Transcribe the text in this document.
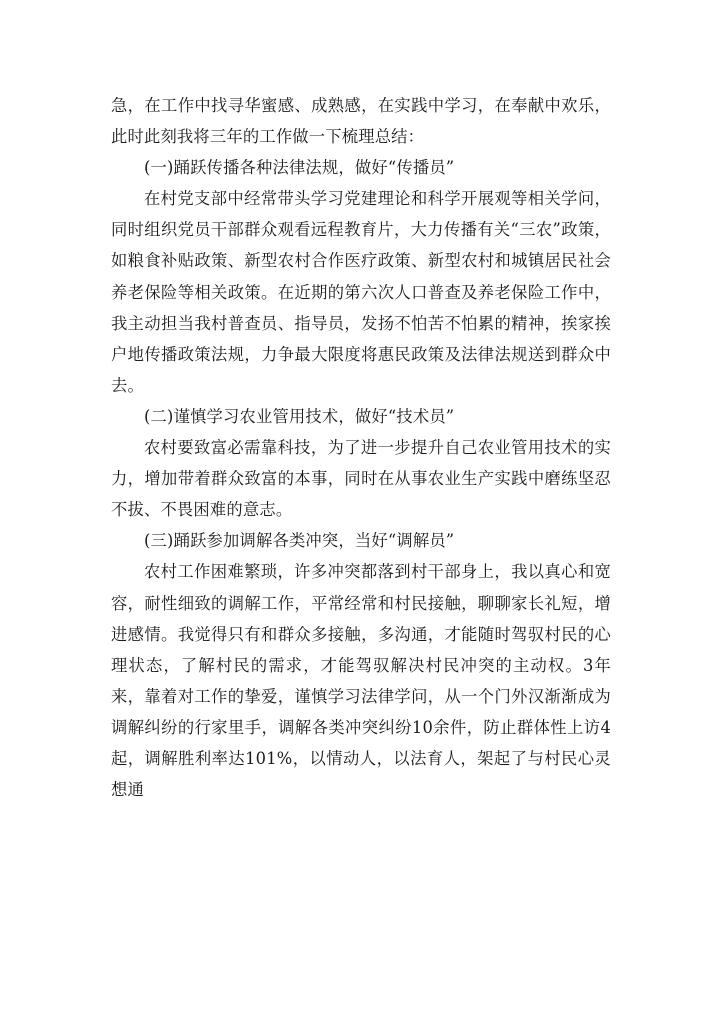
急，在工作中找寻华蜜感、成熟感，在实践中学习，在奉献中欢乐，此时此刻我将三年的工作做一下梳理总结：

(一)踊跃传播各种法律法规，做好“传播员”

在村党支部中经常带头学习党建理论和科学开展观等相关学问，同时组织党员干部群众观看远程教育片，大力传播有关“三农”政策，如粮食补贴政策、新型农村合作医疗政策、新型农村和城镇居民社会养老保险等相关政策。在近期的第六次人口普查及养老保险工作中，我主动担当我村普查员、指导员，发扬不怕苦不怕累的精神，挨家挨户地传播政策法规，力争最大限度将惠民政策及法律法规送到群众中去。

(二)谨慎学习农业管用技术，做好“技术员”

农村要致富必需靠科技，为了进一步提升自己农业管用技术的实力，增加带着群众致富的本事，同时在从事农业生产实践中磨练坚忍不拔、不畏困难的意志。

(三)踊跃参加调解各类冲突，当好“调解员”

农村工作困难繁琐，许多冲突都落到村干部身上，我以真心和宽容，耐性细致的调解工作，平常经常和村民接触，聊聊家长礼短，增进感情。我觉得只有和群众多接触，多沟通，才能随时驾驭村民的心理状态，了解村民的需求，才能驾驭解决村民冲突的主动权。3年来，靠着对工作的挚爱，谨慎学习法律学问，从一个门外汉渐渐成为调解纠纷的行家里手，调解各类冲突纠纷10余件，防止群体性上访4起，调解胜利率达101%，以情动人，以法育人，架起了与村民心灵想通
